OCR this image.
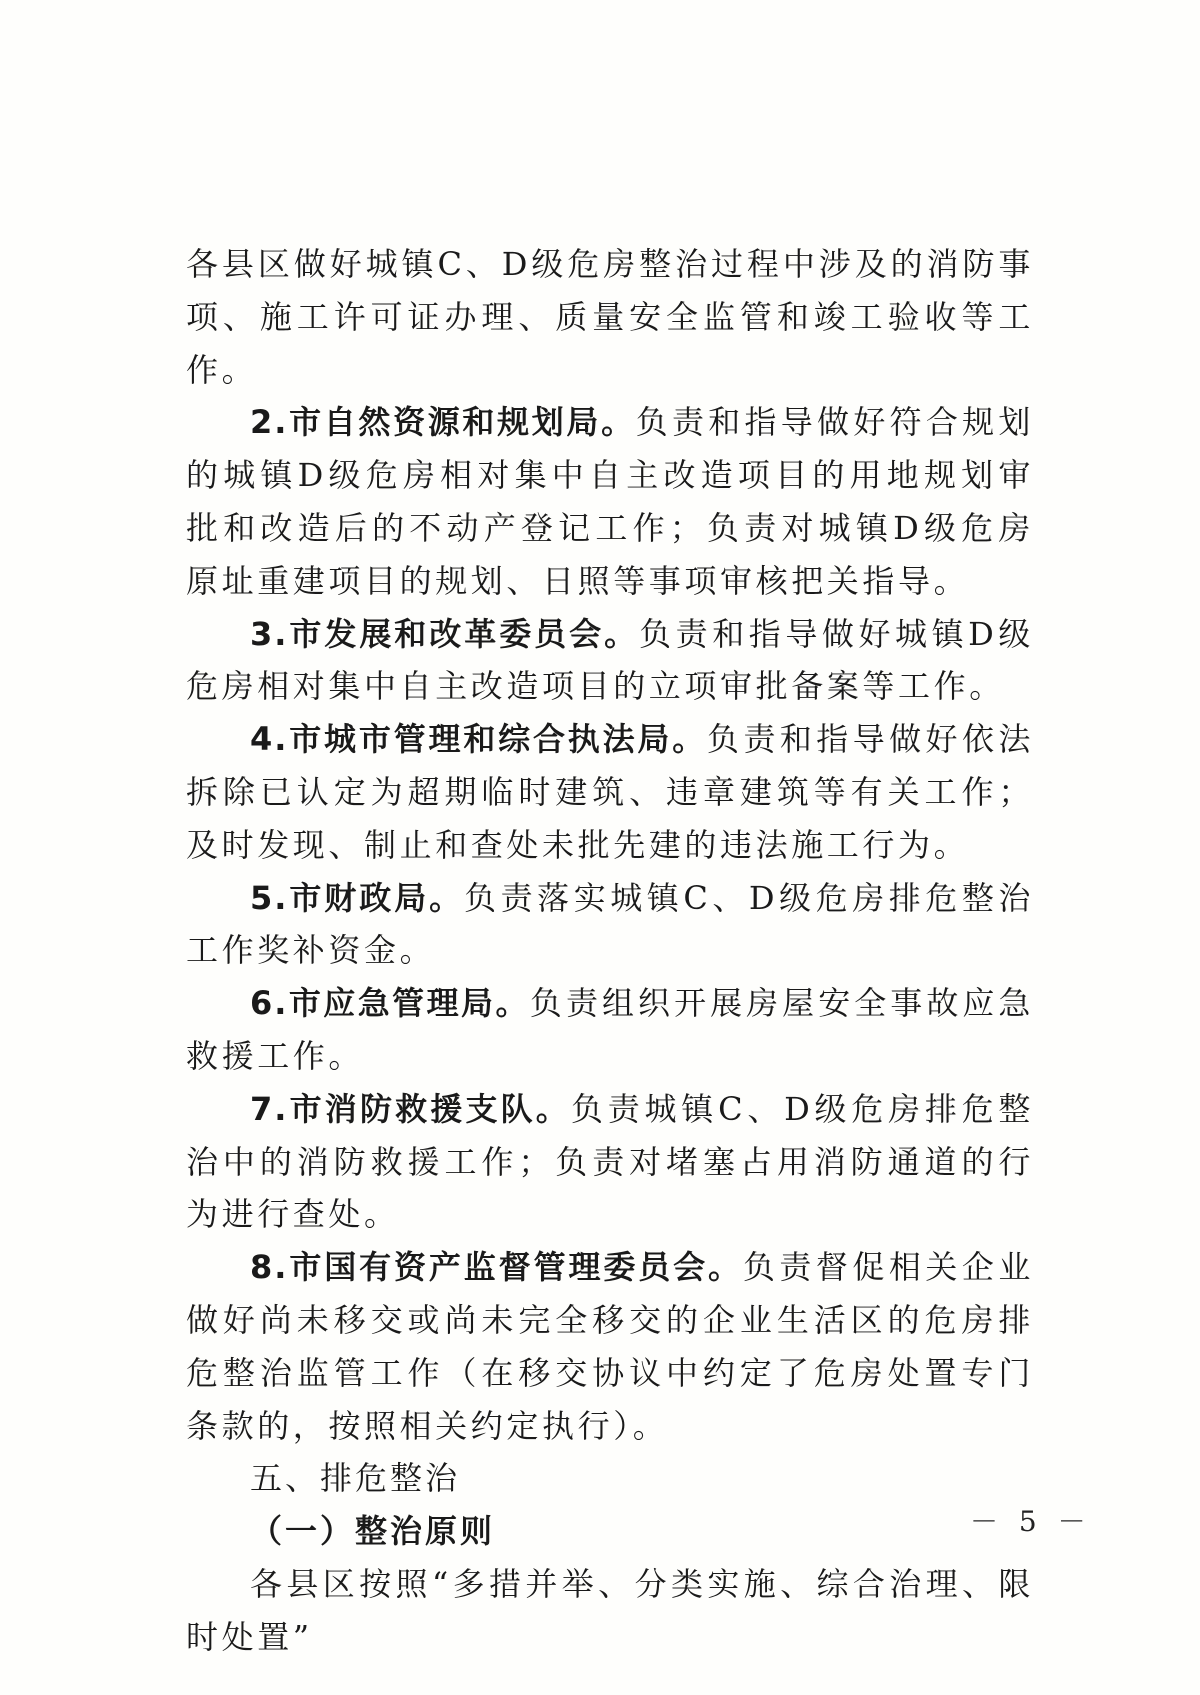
各县区做好城镇C、D级危房整治过程中涉及的消防事项、施工许可证办理、质量安全监管和竣工验收等工作。

2.市自然资源和规划局。负责和指导做好符合规划的城镇D级危房相对集中自主改造项目的用地规划审批和改造后的不动产登记工作；负责对城镇D级危房原址重建项目的规划、日照等事项审核把关指导。

3.市发展和改革委员会。负责和指导做好城镇D级危房相对集中自主改造项目的立项审批备案等工作。

4.市城市管理和综合执法局。负责和指导做好依法拆除已认定为超期临时建筑、违章建筑等有关工作；及时发现、制止和查处未批先建的违法施工行为。

5.市财政局。负责落实城镇C、D级危房排危整治工作奖补资金。

6.市应急管理局。负责组织开展房屋安全事故应急救援工作。

7.市消防救援支队。负责城镇C、D级危房排危整治中的消防救援工作；负责对堵塞占用消防通道的行为进行查处。

8.市国有资产监督管理委员会。负责督促相关企业做好尚未移交或尚未完全移交的企业生活区的危房排危整治监管工作（在移交协议中约定了危房处置专门条款的，按照相关约定执行）。

五、排危整治

（一）整治原则

各县区按照“多措并举、分类实施、综合治理、限时处置”

－ 5 －
